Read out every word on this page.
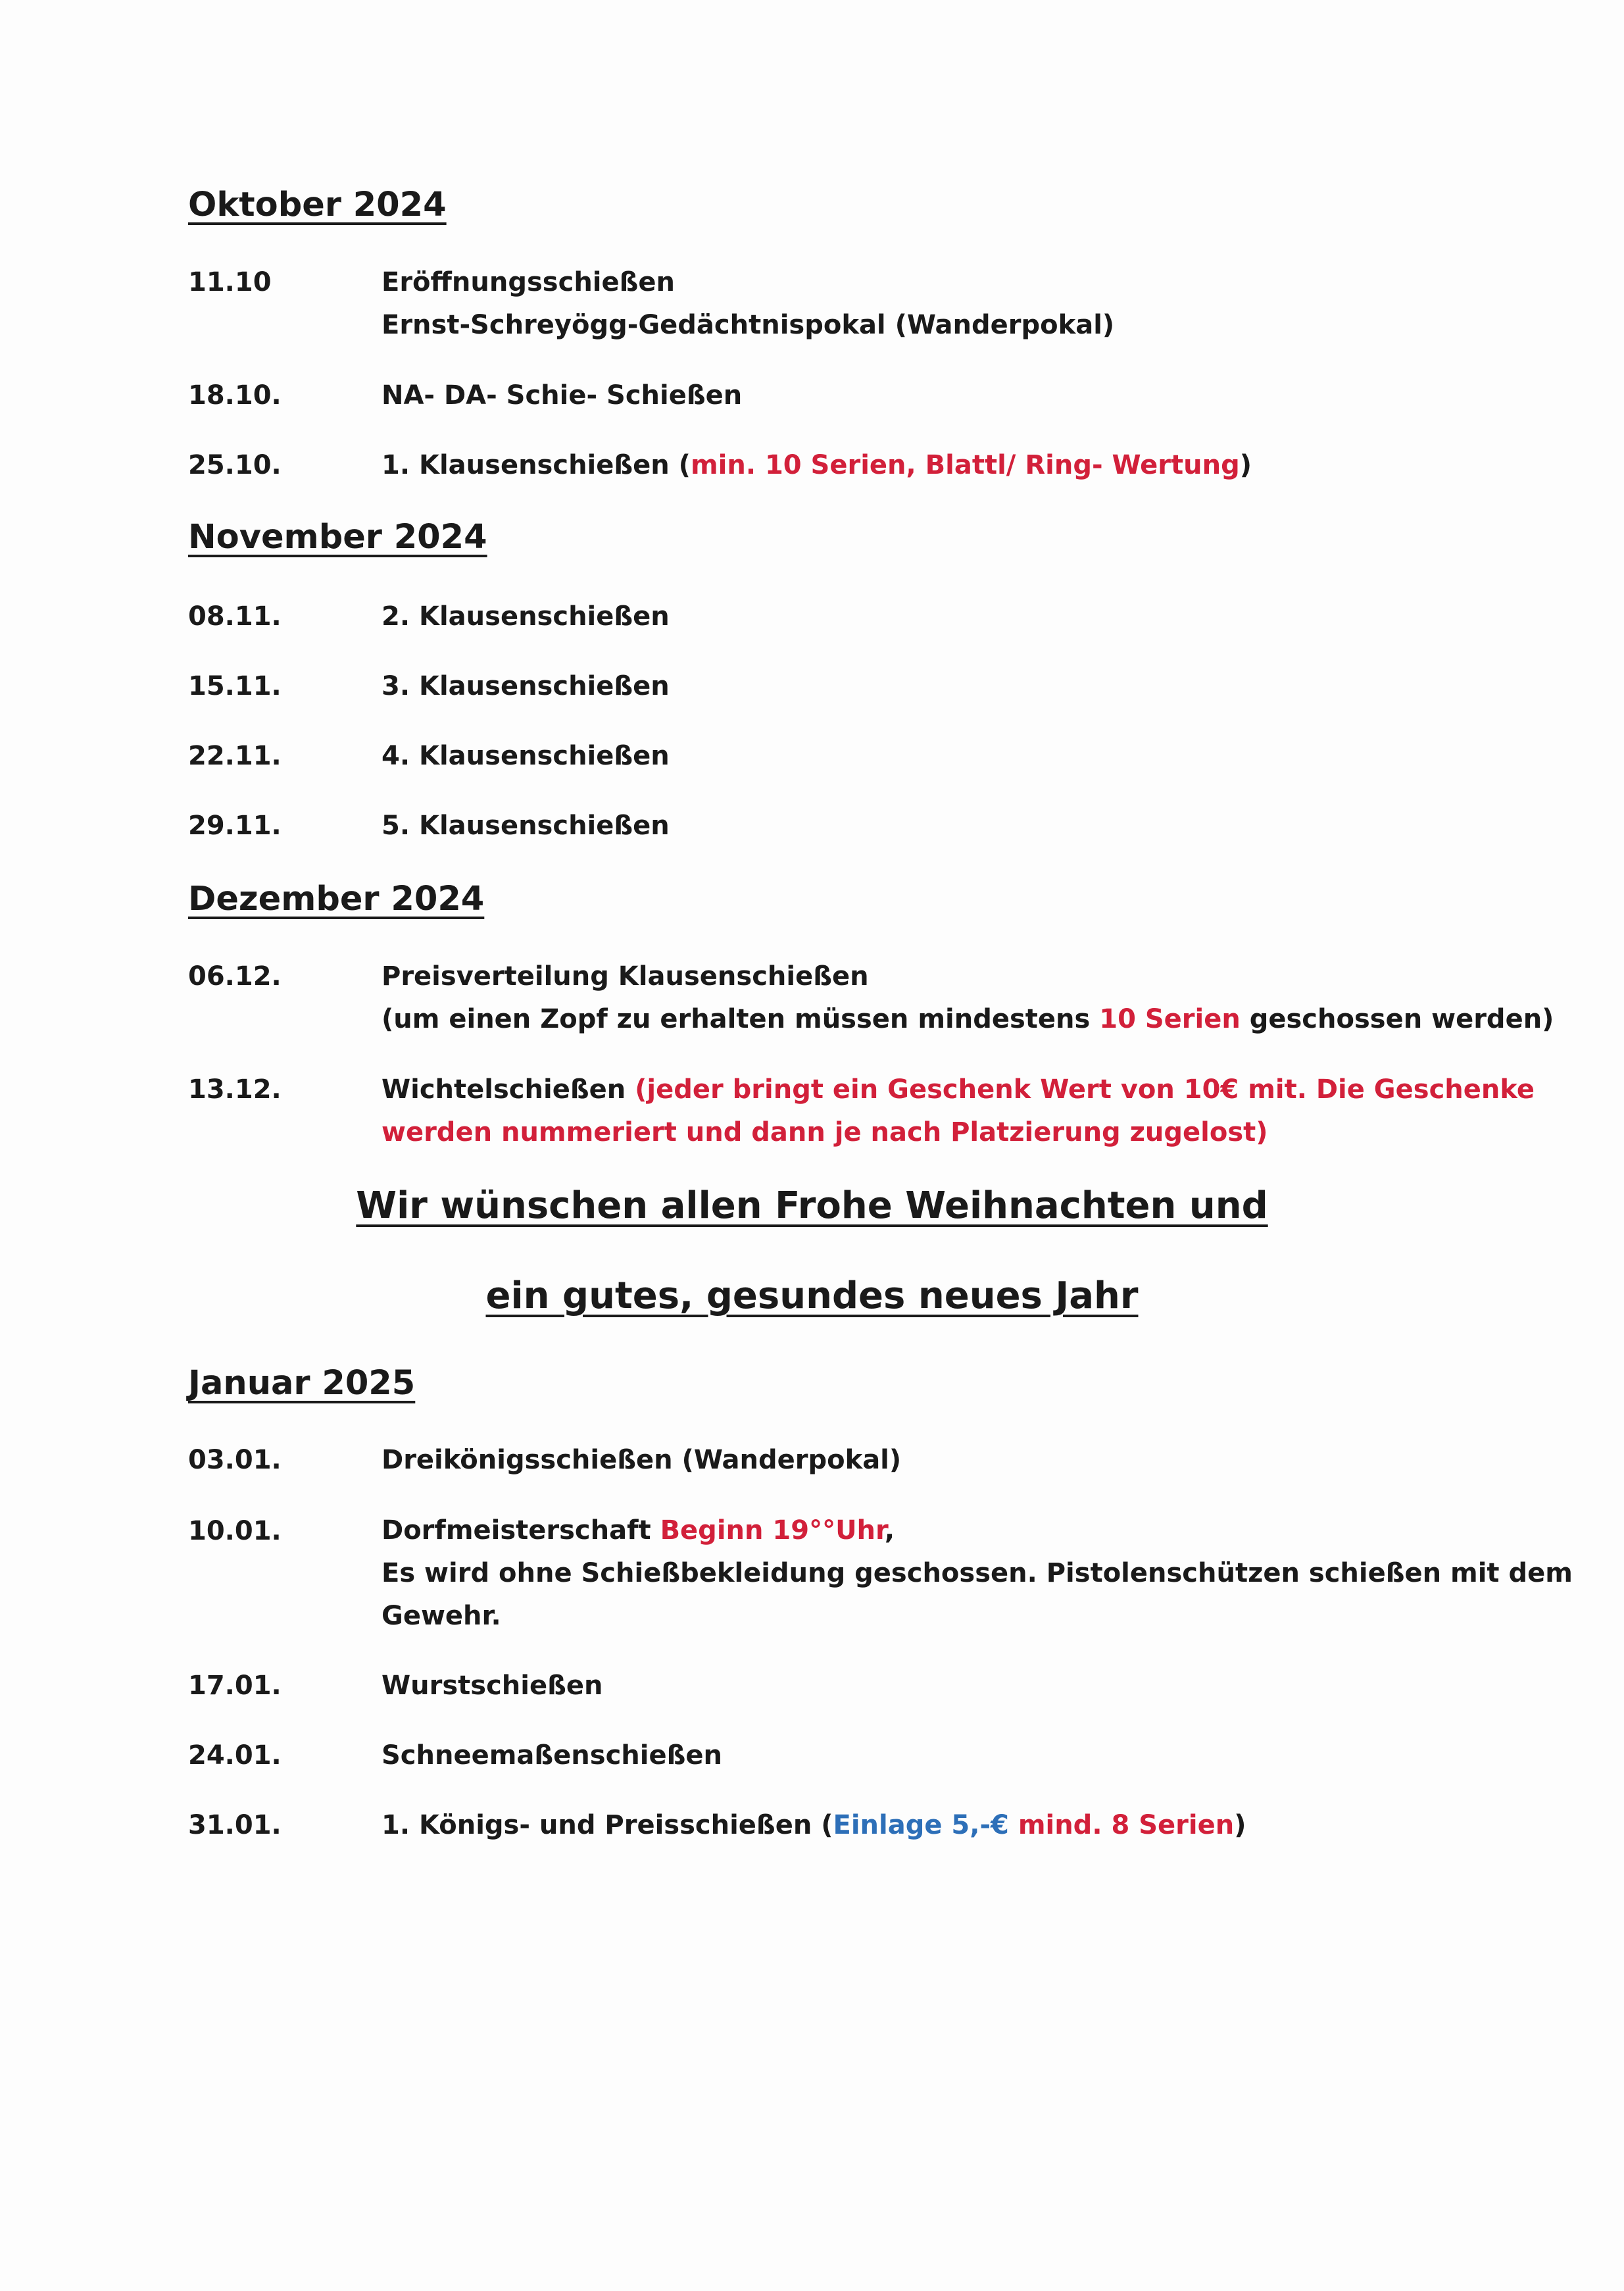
Oktober 2024
11.10	Eröffnungsschießen
Ernst-Schreyögg-Gedächtnispokal (Wanderpokal)
18.10.	NA- DA- Schie- Schießen
25.10.	1. Klausenschießen (min. 10 Serien, Blattl/ Ring- Wertung)
November 2024
08.11.	2. Klausenschießen
15.11.	3. Klausenschießen
22.11.	4. Klausenschießen
29.11.	5. Klausenschießen
Dezember 2024
06.12.	Preisverteilung Klausenschießen
(um einen Zopf zu erhalten müssen mindestens 10 Serien geschossen werden)
13.12.	Wichtelschießen (jeder bringt ein Geschenk Wert von 10€ mit. Die Geschenke
werden nummeriert und dann je nach Platzierung zugelost)
Wir wünschen allen Frohe Weihnachten und
ein gutes, gesundes neues Jahr
Januar 2025
03.01.	Dreikönigsschießen (Wanderpokal)
10.01.	Dorfmeisterschaft Beginn 19°°Uhr,
Es wird ohne Schießbekleidung geschossen. Pistolenschützen schießen mit dem
Gewehr.
17.01.	Wurstschießen
24.01.	Schneemaßenschießen
31.01.	1. Königs- und Preisschießen (Einlage 5,-€ mind. 8 Serien)
